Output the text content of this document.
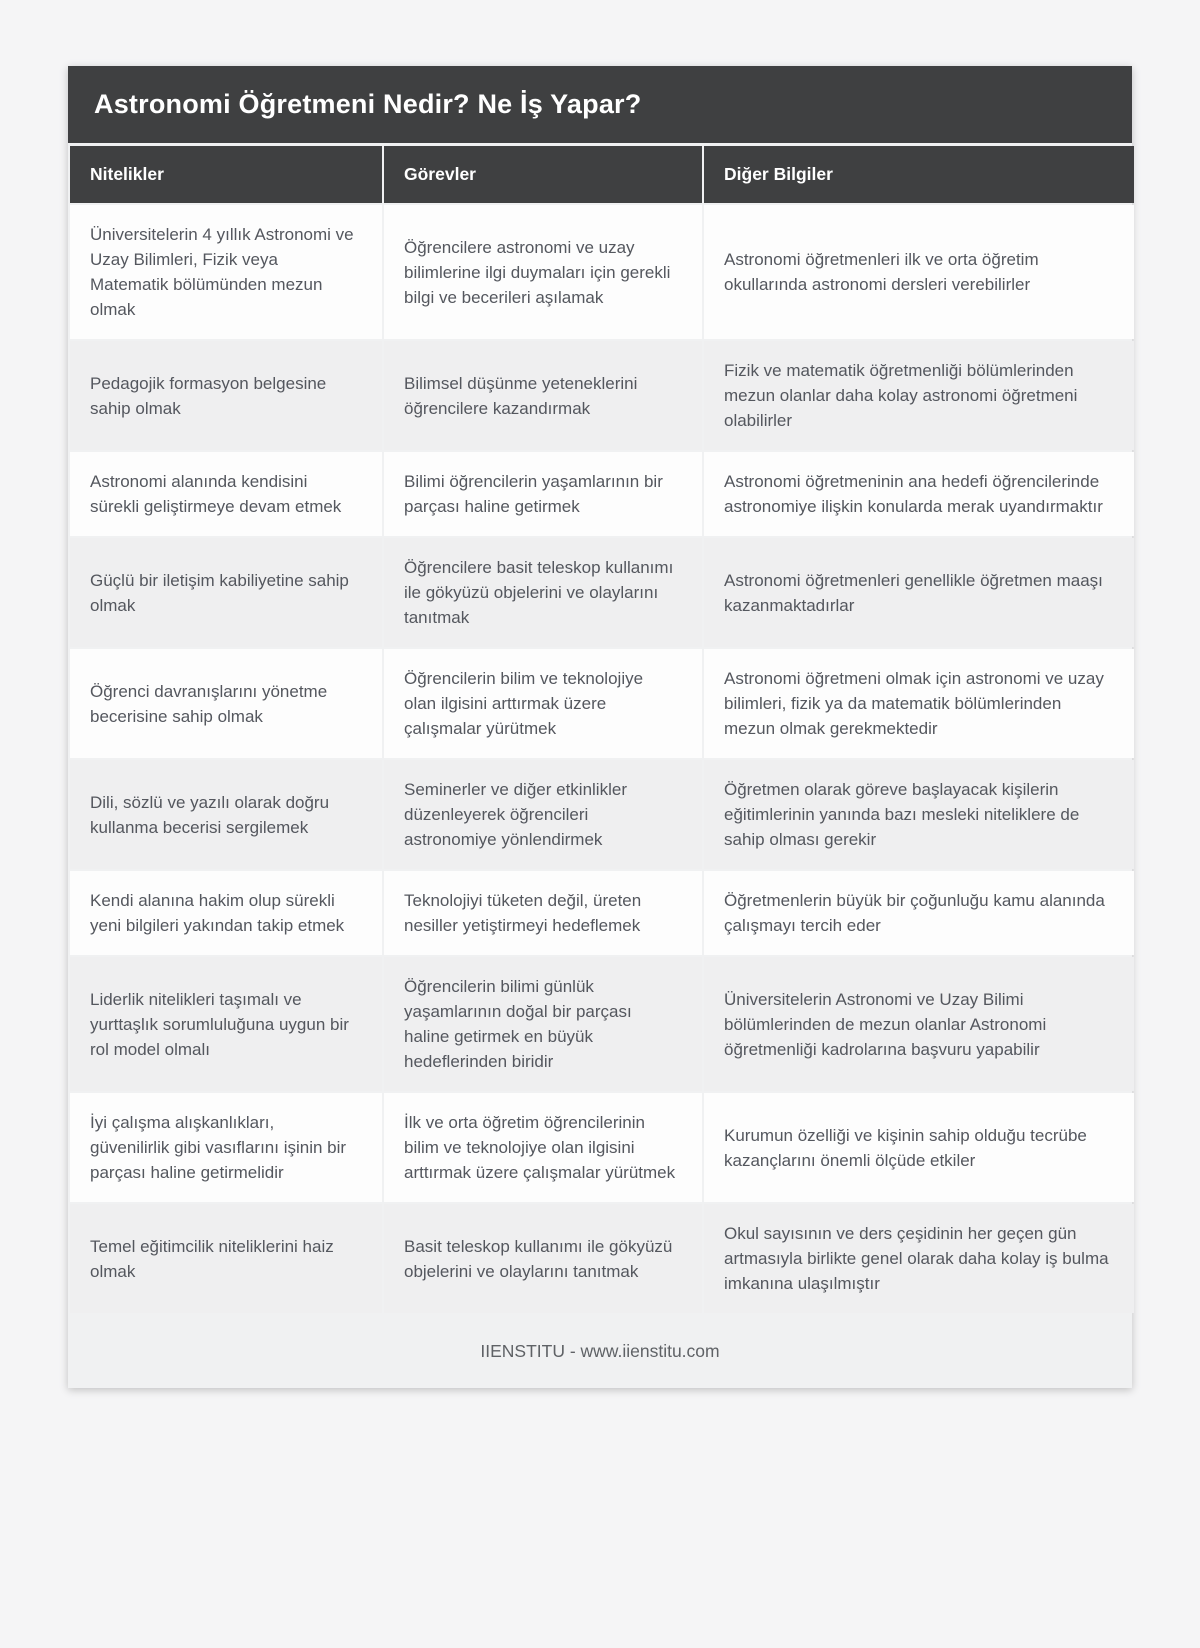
Astronomi Öğretmeni Nedir? Ne İş Yapar?
Nitelikler	Görevler	Diğer Bilgiler
Üniversitelerin 4 yıllık Astronomi ve Uzay Bilimleri, Fizik veya Matematik bölümünden mezun olmak	Öğrencilere astronomi ve uzay bilimlerine ilgi duymaları için gerekli bilgi ve becerileri aşılamak	Astronomi öğretmenleri ilk ve orta öğretim okullarında astronomi dersleri verebilirler
Pedagojik formasyon belgesine sahip olmak	Bilimsel düşünme yeteneklerini öğrencilere kazandırmak	Fizik ve matematik öğretmenliği bölümlerinden mezun olanlar daha kolay astronomi öğretmeni olabilirler
Astronomi alanında kendisini sürekli geliştirmeye devam etmek	Bilimi öğrencilerin yaşamlarının bir parçası haline getirmek	Astronomi öğretmeninin ana hedefi öğrencilerinde astronomiye ilişkin konularda merak uyandırmaktır
Güçlü bir iletişim kabiliyetine sahip olmak	Öğrencilere basit teleskop kullanımı ile gökyüzü objelerini ve olaylarını tanıtmak	Astronomi öğretmenleri genellikle öğretmen maaşı kazanmaktadırlar
Öğrenci davranışlarını yönetme becerisine sahip olmak	Öğrencilerin bilim ve teknolojiye olan ilgisini arttırmak üzere çalışmalar yürütmek	Astronomi öğretmeni olmak için astronomi ve uzay bilimleri, fizik ya da matematik bölümlerinden mezun olmak gerekmektedir
Dili, sözlü ve yazılı olarak doğru kullanma becerisi sergilemek	Seminerler ve diğer etkinlikler düzenleyerek öğrencileri astronomiye yönlendirmek	Öğretmen olarak göreve başlayacak kişilerin eğitimlerinin yanında bazı mesleki niteliklere de sahip olması gerekir
Kendi alanına hakim olup sürekli yeni bilgileri yakından takip etmek	Teknolojiyi tüketen değil, üreten nesiller yetiştirmeyi hedeflemek	Öğretmenlerin büyük bir çoğunluğu kamu alanında çalışmayı tercih eder
Liderlik nitelikleri taşımalı ve yurttaşlık sorumluluğuna uygun bir rol model olmalı	Öğrencilerin bilimi günlük yaşamlarının doğal bir parçası haline getirmek en büyük hedeflerinden biridir	Üniversitelerin Astronomi ve Uzay Bilimi bölümlerinden de mezun olanlar Astronomi öğretmenliği kadrolarına başvuru yapabilir
İyi çalışma alışkanlıkları, güvenilirlik gibi vasıflarını işinin bir parçası haline getirmelidir	İlk ve orta öğretim öğrencilerinin bilim ve teknolojiye olan ilgisini arttırmak üzere çalışmalar yürütmek	Kurumun özelliği ve kişinin sahip olduğu tecrübe kazançlarını önemli ölçüde etkiler
Temel eğitimcilik niteliklerini haiz olmak	Basit teleskop kullanımı ile gökyüzü objelerini ve olaylarını tanıtmak	Okul sayısının ve ders çeşidinin her geçen gün artmasıyla birlikte genel olarak daha kolay iş bulma imkanına ulaşılmıştır
IIENSTITU - www.iienstitu.com
